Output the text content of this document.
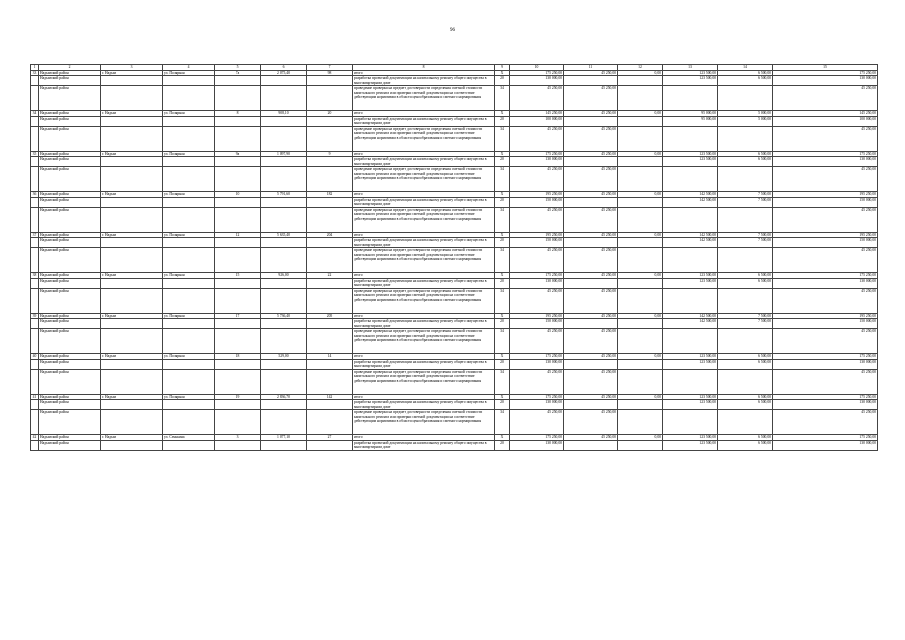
96
1	2	3	4	5	6	7	8	9	10	11	12	13	14	15
33	Надымский район	г. Надым	ул. Полярная	7а	2 075,40	98	итого	X	175 250,00	45 250,00	0,00	123 500,00	6 500,00	175 250,00
	Надымский район						разработка проектной документации на капитальному ремонту общего имущества в многоквартирном доме	20	130 000,00			123 500,00	6 500,00	130 000,00
	Надымский район						проведение проверки на предмет достоверности определения сметной стоимости капитального ремонта или проверки сметной документации на соответствие действующим нормативам в области ценообразования и сметного нормирования	34	45 250,00	45 250,00				45 250,00
34	Надымский район	г. Надым	ул. Полярная	8	908,10	20	итого	X	145 250,00	45 250,00	0,00	95 000,00	5 000,00	145 250,00
	Надымский район						разработка проектной документации на капитальному ремонту общего имущества в многоквартирном доме	20	100 000,00			95 000,00	5 000,00	100 000,00
	Надымский район						проведение проверки на предмет достоверности определения сметной стоимости капитального ремонта или проверки сметной документации на соответствие действующим нормативам в области ценообразования и сметного нормирования	34	45 250,00	45 250,00				45 250,00
35	Надымский район	г. Надым	ул. Полярная	9а	1 097,90	9	итого	X	175 250,00	45 250,00	0,00	123 500,00	6 500,00	175 250,00
	Надымский район						разработка проектной документации на капитальному ремонту общего имущества в многоквартирном доме	20	130 000,00			123 500,00	6 500,00	130 000,00
	Надымский район						проведение проверки на предмет достоверности определения сметной стоимости капитального ремонта или проверки сметной документации на соответствие действующим нормативам в области ценообразования и сметного нормирования	34	45 250,00	45 250,00				45 250,00
36	Надымский район	г. Надым	ул. Полярная	10	5 791,60	182	итого	X	195 250,00	45 250,00	0,00	142 500,00	7 500,00	195 250,00
	Надымский район						разработка проектной документации на капитальному ремонту общего имущества в многоквартирном доме	20	150 000,00			142 500,00	7 500,00	150 000,00
	Надымский район						проведение проверки на предмет достоверности определения сметной стоимости капитального ремонта или проверки сметной документации на соответствие действующим нормативам в области ценообразования и сметного нормирования	34	45 250,00	45 250,00				45 250,00
37	Надымский район	г. Надым	ул. Полярная	12	5 635,40	204	итого	X	195 250,00	45 250,00	0,00	142 500,00	7 500,00	195 250,00
	Надымский район						разработка проектной документации на капитальному ремонту общего имущества в многоквартирном доме	20	150 000,00			142 500,00	7 500,00	150 000,00
	Надымский район						проведение проверки на предмет достоверности определения сметной стоимости капитального ремонта или проверки сметной документации на соответствие действующим нормативам в области ценообразования и сметного нормирования	34	45 250,00	45 250,00				45 250,00
38	Надымский район	г. Надым	ул. Полярная	15	926,00	22	итого	X	175 250,00	45 250,00	0,00	123 500,00	6 500,00	175 250,00
	Надымский район						разработка проектной документации на капитальному ремонту общего имущества в многоквартирном доме	20	130 000,00			123 500,00	6 500,00	130 000,00
	Надымский район						проведение проверки на предмет достоверности определения сметной стоимости капитального ремонта или проверки сметной документации на соответствие действующим нормативам в области ценообразования и сметного нормирования	34	45 250,00	45 250,00				45 250,00
39	Надымский район	г. Надым	ул. Полярная	17	5 736,40	205	итого	X	195 250,00	45 250,00	0,00	142 500,00	7 500,00	195 250,00
	Надымский район						разработка проектной документации на капитальному ремонту общего имущества в многоквартирном доме	20	150 000,00			142 500,00	7 500,00	150 000,00
	Надымский район						проведение проверки на предмет достоверности определения сметной стоимости капитального ремонта или проверки сметной документации на соответствие действующим нормативам в области ценообразования и сметного нормирования	34	45 250,00	45 250,00				45 250,00
40	Надымский район	г. Надым	ул. Полярная	18	529,00	14	итого	X	175 250,00	45 250,00	0,00	123 500,00	6 500,00	175 250,00
	Надымский район						разработка проектной документации на капитальному ремонту общего имущества в многоквартирном доме	20	130 000,00			123 500,00	6 500,00	130 000,00
	Надымский район						проведение проверки на предмет достоверности определения сметной стоимости капитального ремонта или проверки сметной документации на соответствие действующим нормативам в области ценообразования и сметного нормирования	34	45 250,00	45 250,00				45 250,00
41	Надымский район	г. Надым	ул. Полярная	19	2 836,70	142	итого	X	175 250,00	45 250,00	0,00	123 500,00	6 500,00	175 250,00
	Надымский район						разработка проектной документации на капитальному ремонту общего имущества в многоквартирном доме	20	130 000,00			123 500,00	6 500,00	130 000,00
	Надымский район						проведение проверки на предмет достоверности определения сметной стоимости капитального ремонта или проверки сметной документации на соответствие действующим нормативам в области ценообразования и сметного нормирования	34	45 250,00	45 250,00				45 250,00
42	Надымский район	г. Надым	ул. Сенькина	3	1 077,10	27	итого	X	175 250,00	45 250,00	0,00	123 500,00	6 500,00	175 250,00
	Надымский район						разработка проектной документации на капитальному ремонту общего имущества в многоквартирном доме	20	130 000,00			123 500,00	6 500,00	130 000,00
